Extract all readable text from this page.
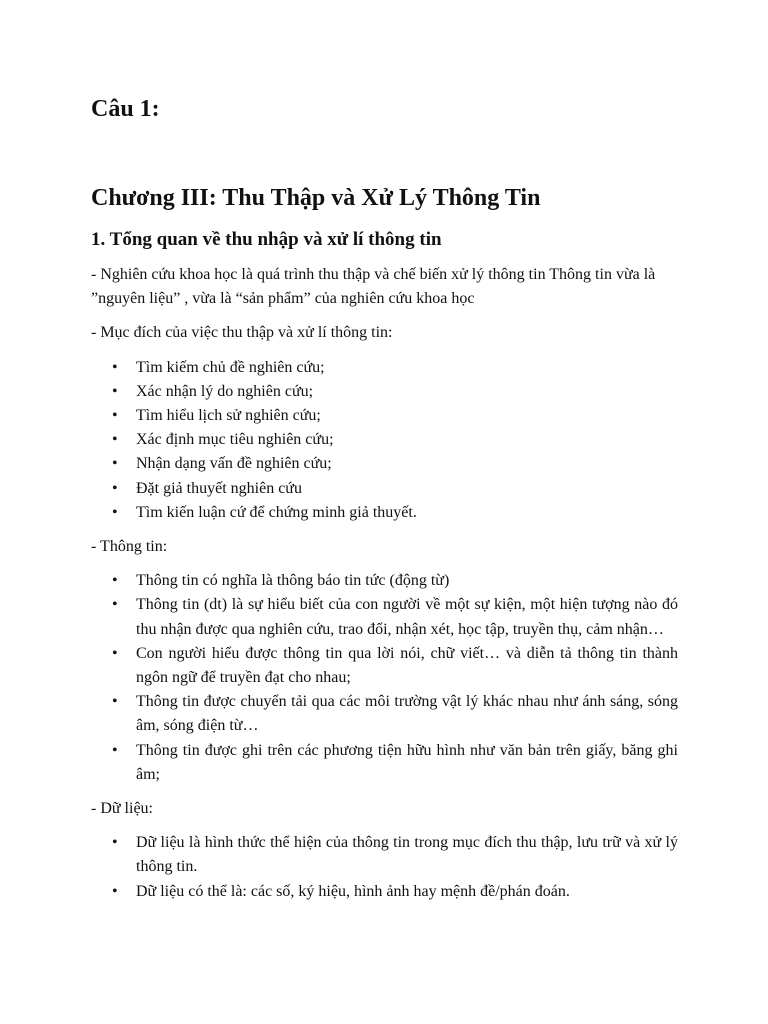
Câu 1:
Chương III: Thu Thập và Xử Lý Thông Tin
1. Tổng quan về thu nhập và xử lí thông tin

- Nghiên cứu khoa học là quá trình thu thập và chế biến xử lý thông tin Thông tin vừa là ”nguyên liệu” , vừa là “sản phẩm” của nghiên cứu khoa học

- Mục đích của việc thu thập và xử lí thông tin:

• Tìm kiếm chủ đề nghiên cứu;
• Xác nhận lý do nghiên cứu;
• Tìm hiểu lịch sử nghiên cứu;
• Xác định mục tiêu nghiên cứu;
• Nhận dạng vấn đề nghiên cứu;
• Đặt giả thuyết nghiên cứu
• Tìm kiến luận cứ để chứng minh giả thuyết.

- Thông tin:

• Thông tin có nghĩa là thông báo tin tức (động từ)
• Thông tin (dt) là sự hiểu biết của con người về một sự kiện, một hiện tượng nào đó thu nhận được qua nghiên cứu, trao đổi, nhận xét, học tập, truyền thụ, cảm nhận…
• Con người hiểu được thông tin qua lời nói, chữ viết… và diễn tả thông tin thành ngôn ngữ để truyền đạt cho nhau;
• Thông tin được chuyển tải qua các môi trường vật lý khác nhau như ánh sáng, sóng âm, sóng điện từ…
• Thông tin được ghi trên các phương tiện hữu hình như văn bản trên giấy, băng ghi âm;

- Dữ liệu:

• Dữ liệu là hình thức thể hiện của thông tin trong mục đích thu thập, lưu trữ và xử lý thông tin.
• Dữ liệu có thể là: các số, ký hiệu, hình ảnh hay mệnh đề/phán đoán.
